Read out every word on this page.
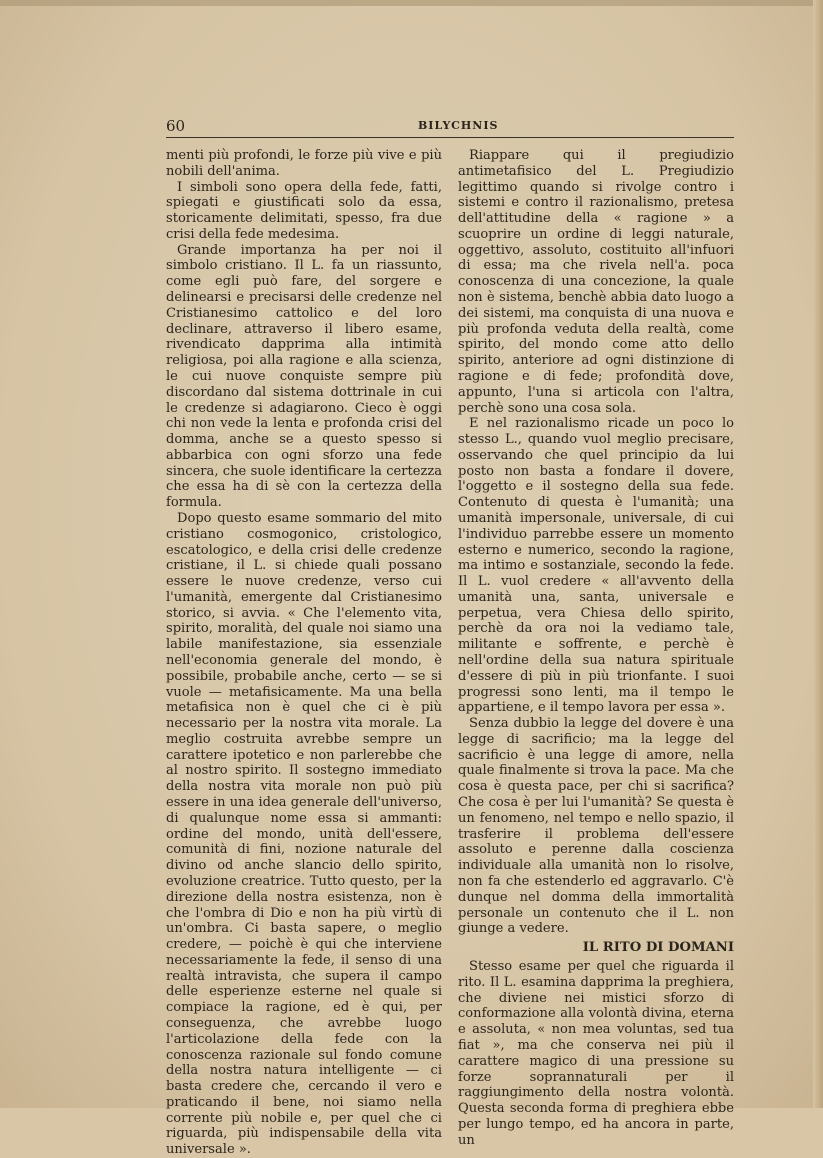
60	BILYCHNIS

menti più profondi, le forze più vive e più nobili dell'anima.

I simboli sono opera della fede, fatti, spiegati e giustificati solo da essa, storicamente delimitati, spesso, fra due crisi della fede medesima.

Grande importanza ha per noi il simbolo cristiano. Il L. fa un riassunto, come egli può fare, del sorgere e delinearsi e precisarsi delle credenze nel Cristianesimo cattolico e del loro declinare, attraverso il libero esame, rivendicato dapprima alla intimità religiosa, poi alla ragione e alla scienza, le cui nuove conquiste sempre più discordano dal sistema dottrinale in cui le credenze si adagiarono. Cieco è oggi chi non vede la lenta e profonda crisi del domma, anche se a questo spesso si abbarbica con ogni sforzo una fede sincera, che suole identificare la certezza che essa ha di sè con la certezza della formula.

Dopo questo esame sommario del mito cristiano cosmogonico, cristologico, escatologico, e della crisi delle credenze cristiane, il L. si chiede quali possano essere le nuove credenze, verso cui l'umanità, emergente dal Cristianesimo storico, si avvia. « Che l'elemento vita, spirito, moralità, del quale noi siamo una labile manifestazione, sia essenziale nell'economia generale del mondo, è possibile, probabile anche, certo — se si vuole — metafisicamente. Ma una bella metafisica non è quel che ci è più necessario per la nostra vita morale. La meglio costruita avrebbe sempre un carattere ipotetico e non parlerebbe che al nostro spirito. Il sostegno immediato della nostra vita morale non può più essere in una idea generale dell'universo, di qualunque nome essa si ammanti: ordine del mondo, unità dell'essere, comunità di fini, nozione naturale del divino od anche slancio dello spirito, evoluzione creatrice. Tutto questo, per la direzione della nostra esistenza, non è che l'ombra di Dio e non ha più virtù di un'ombra. Ci basta sapere, o meglio credere, — poichè è qui che interviene necessariamente la fede, il senso di una realtà intravista, che supera il campo delle esperienze esterne nel quale si compiace la ragione, ed è qui, per conseguenza, che avrebbe luogo l'articolazione della fede con la conoscenza razionale sul fondo comune della nostra natura intelligente — ci basta credere che, cercando il vero e praticando il bene, noi siamo nella corrente più nobile e, per quel che ci riguarda, più indispensabile della vita universale ».

Riappare qui il pregiudizio antimetafisico del L. Pregiudizio legittimo quando si rivolge contro i sistemi e contro il razionalismo, pretesa dell'attitudine della « ragione » a scuoprire un ordine di leggi naturale, oggettivo, assoluto, costituito all'infuori di essa; ma che rivela nell'a. poca conoscenza di una concezione, la quale non è sistema, benchè abbia dato luogo a dei sistemi, ma conquista di una nuova e più profonda veduta della realtà, come spirito, del mondo come atto dello spirito, anteriore ad ogni distinzione di ragione e di fede; profondità dove, appunto, l'una si articola con l'altra, perchè sono una cosa sola.

E nel razionalismo ricade un poco lo stesso L., quando vuol meglio precisare, osservando che quel principio da lui posto non basta a fondare il dovere, l'oggetto e il sostegno della sua fede. Contenuto di questa è l'umanità; una umanità impersonale, universale, di cui l'individuo parrebbe essere un momento esterno e numerico, secondo la ragione, ma intimo e sostanziale, secondo la fede. Il L. vuol credere « all'avvento della umanità una, santa, universale e perpetua, vera Chiesa dello spirito, perchè da ora noi la vediamo tale, militante e soffrente, e perchè è nell'ordine della sua natura spirituale d'essere di più in più trionfante. I suoi progressi sono lenti, ma il tempo le appartiene, e il tempo lavora per essa ».

Senza dubbio la legge del dovere è una legge di sacrificio; ma la legge del sacrificio è una legge di amore, nella quale finalmente si trova la pace. Ma che cosa è questa pace, per chi si sacrifica? Che cosa è per lui l'umanità? Se questa è un fenomeno, nel tempo e nello spazio, il trasferire il problema dell'essere assoluto e perenne dalla coscienza individuale alla umanità non lo risolve, non fa che estenderlo ed aggravarlo. C'è dunque nel domma della immortalità personale un contenuto che il L. non giunge a vedere.

IL RITO DI DOMANI

Stesso esame per quel che riguarda il rito. Il L. esamina dapprima la preghiera, che diviene nei mistici sforzo di conformazione alla volontà divina, eterna e assoluta, « non mea voluntas, sed tua fiat », ma che conserva nei più il carattere magico di una pressione su forze soprannaturali per il raggiungimento della nostra volontà. Questa seconda forma di preghiera ebbe per lungo tempo, ed ha ancora in parte, un
